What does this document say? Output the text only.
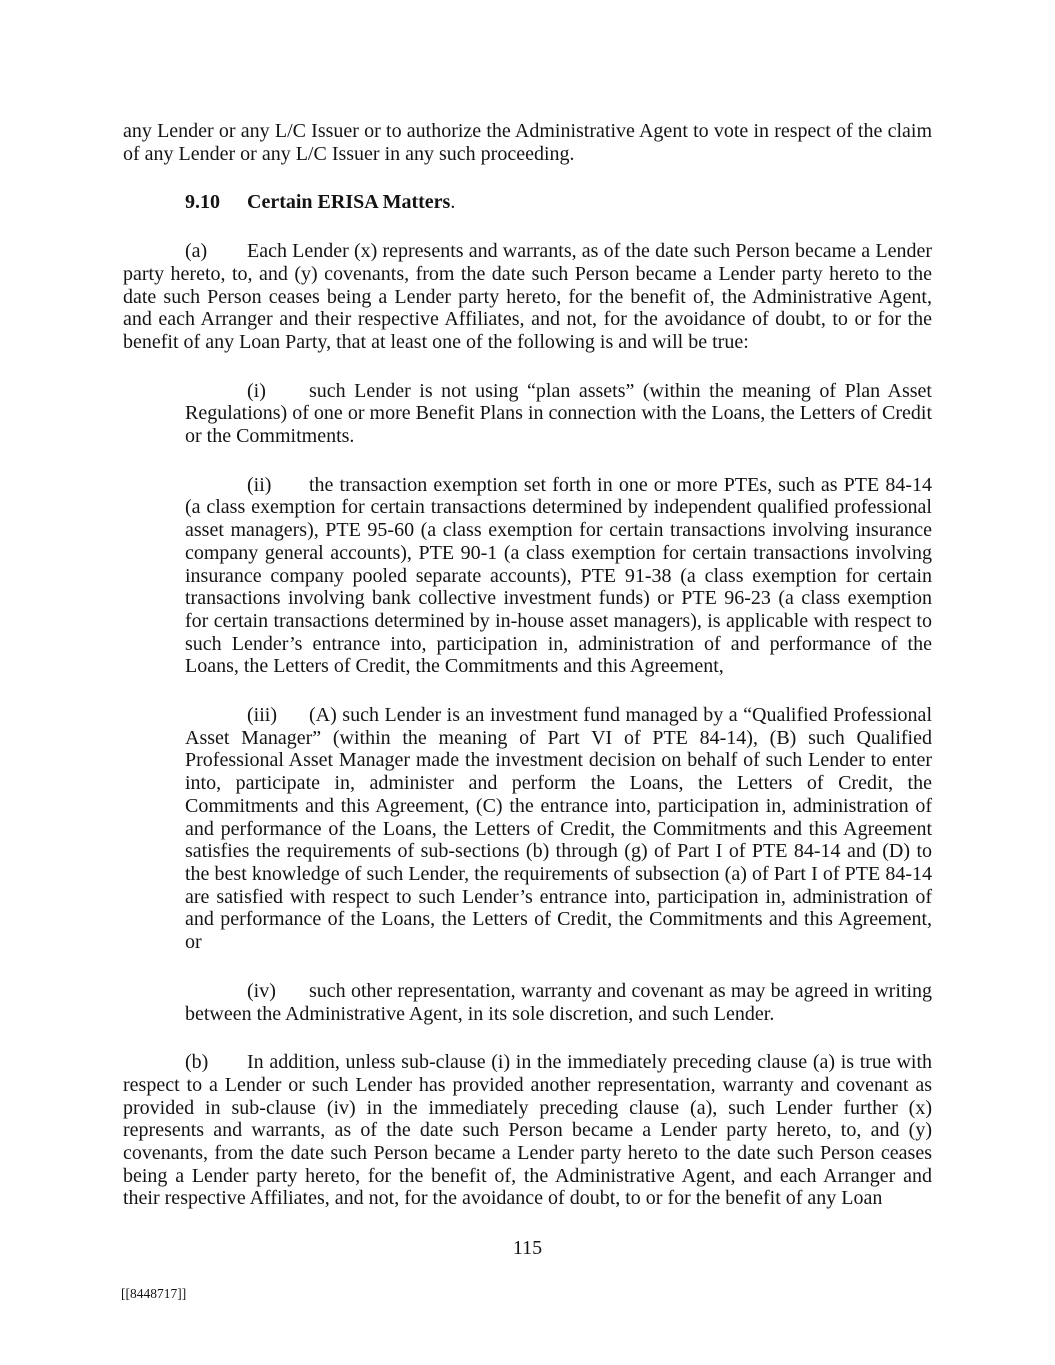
any Lender or any L/C Issuer or to authorize the Administrative Agent to vote in respect of the claim of any Lender or any L/C Issuer in any such proceeding.

9.10 Certain ERISA Matters.

(a) Each Lender (x) represents and warrants, as of the date such Person became a Lender party hereto, to, and (y) covenants, from the date such Person became a Lender party hereto to the date such Person ceases being a Lender party hereto, for the benefit of, the Administrative Agent, and each Arranger and their respective Affiliates, and not, for the avoidance of doubt, to or for the benefit of any Loan Party, that at least one of the following is and will be true:

(i) such Lender is not using “plan assets” (within the meaning of Plan Asset Regulations) of one or more Benefit Plans in connection with the Loans, the Letters of Credit or the Commitments.

(ii) the transaction exemption set forth in one or more PTEs, such as PTE 84-14 (a class exemption for certain transactions determined by independent qualified professional asset managers), PTE 95-60 (a class exemption for certain transactions involving insurance company general accounts), PTE 90-1 (a class exemption for certain transactions involving insurance company pooled separate accounts), PTE 91-38 (a class exemption for certain transactions involving bank collective investment funds) or PTE 96-23 (a class exemption for certain transactions determined by in-house asset managers), is applicable with respect to such Lender’s entrance into, participation in, administration of and performance of the Loans, the Letters of Credit, the Commitments and this Agreement,

(iii) (A) such Lender is an investment fund managed by a “Qualified Professional Asset Manager” (within the meaning of Part VI of PTE 84-14), (B) such Qualified Professional Asset Manager made the investment decision on behalf of such Lender to enter into, participate in, administer and perform the Loans, the Letters of Credit, the Commitments and this Agreement, (C) the entrance into, participation in, administration of and performance of the Loans, the Letters of Credit, the Commitments and this Agreement satisfies the requirements of sub-sections (b) through (g) of Part I of PTE 84-14 and (D) to the best knowledge of such Lender, the requirements of subsection (a) of Part I of PTE 84-14 are satisfied with respect to such Lender’s entrance into, participation in, administration of and performance of the Loans, the Letters of Credit, the Commitments and this Agreement, or

(iv) such other representation, warranty and covenant as may be agreed in writing between the Administrative Agent, in its sole discretion, and such Lender.

(b) In addition, unless sub-clause (i) in the immediately preceding clause (a) is true with respect to a Lender or such Lender has provided another representation, warranty and covenant as provided in sub-clause (iv) in the immediately preceding clause (a), such Lender further (x) represents and warrants, as of the date such Person became a Lender party hereto, to, and (y) covenants, from the date such Person became a Lender party hereto to the date such Person ceases being a Lender party hereto, for the benefit of, the Administrative Agent, and each Arranger and their respective Affiliates, and not, for the avoidance of doubt, to or for the benefit of any Loan

115
[[8448717]]
